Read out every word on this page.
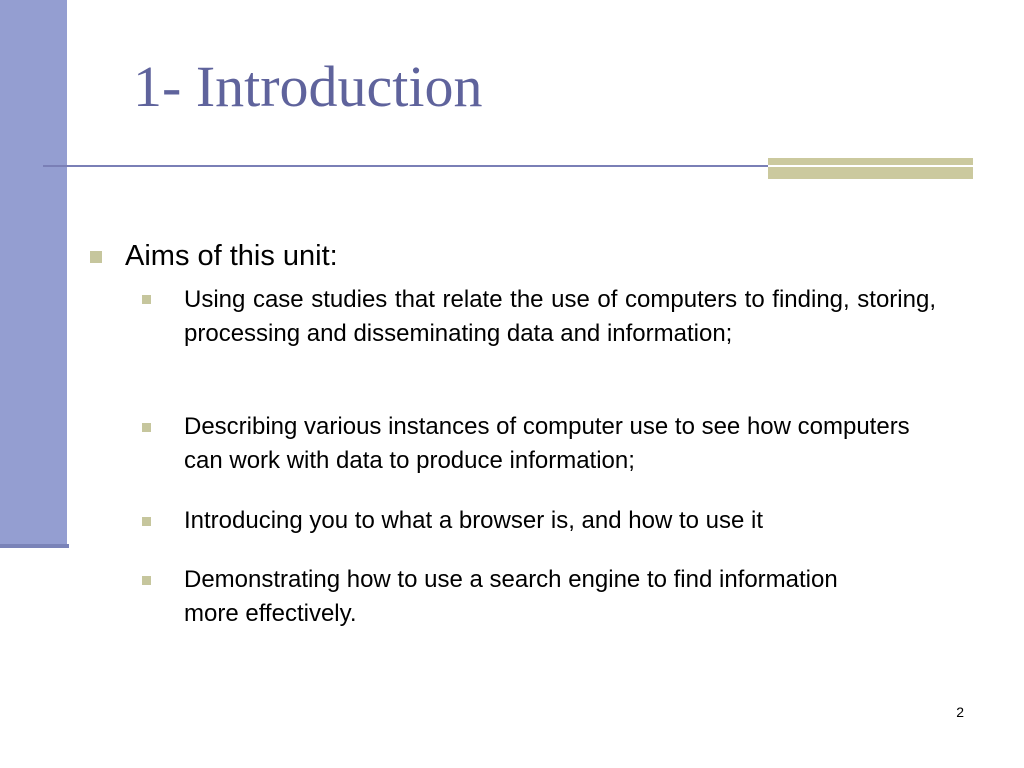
1- Introduction
Aims of this unit:
Using case studies that relate the use of computers to finding, storing, processing and disseminating data and information;
Describing various instances of computer use to see how computers can work with data to produce information;
Introducing you to what a browser is, and how to use it
Demonstrating how to use a search engine to find information more effectively.
2
